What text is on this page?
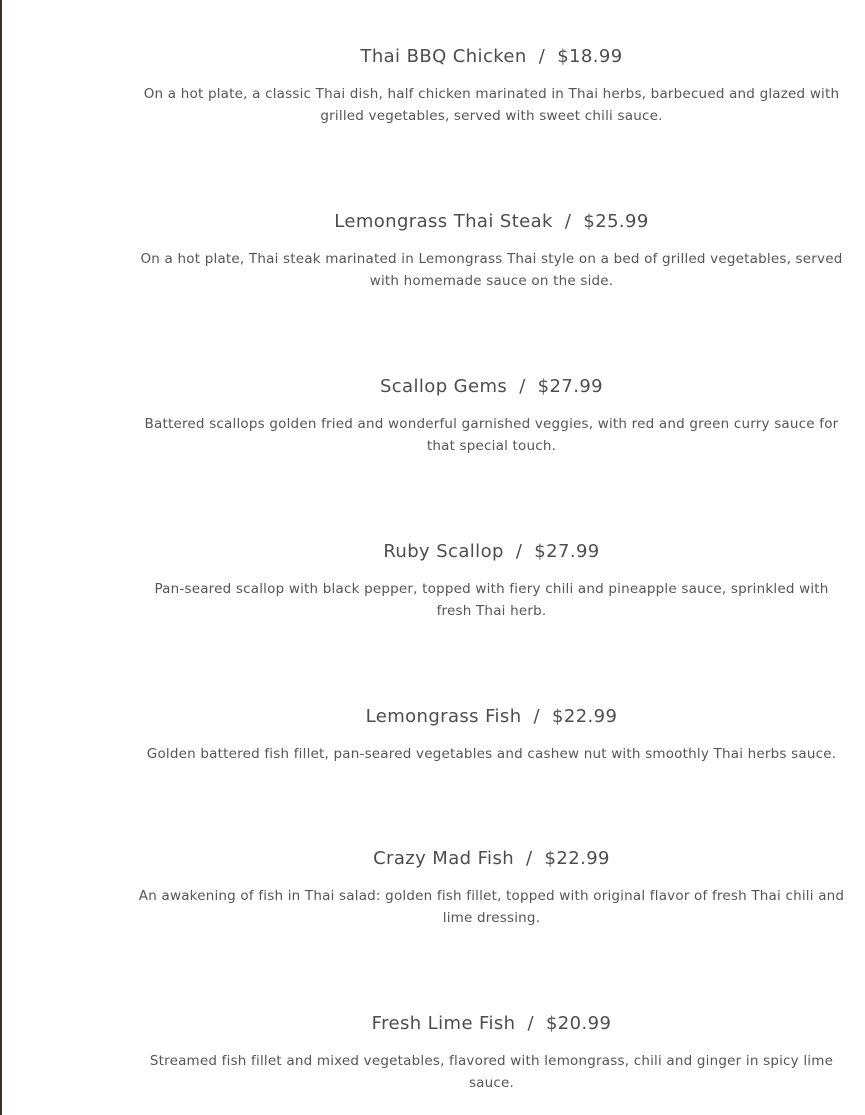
Thai BBQ Chicken / $18.99
On a hot plate, a classic Thai dish, half chicken marinated in Thai herbs, barbecued and glazed with grilled vegetables, served with sweet chili sauce.
Lemongrass Thai Steak / $25.99
On a hot plate, Thai steak marinated in Lemongrass Thai style on a bed of grilled vegetables, served with homemade sauce on the side.
Scallop Gems / $27.99
Battered scallops golden fried and wonderful garnished veggies, with red and green curry sauce for that special touch.
Ruby Scallop / $27.99
Pan-seared scallop with black pepper, topped with fiery chili and pineapple sauce, sprinkled with fresh Thai herb.
Lemongrass Fish / $22.99
Golden battered fish fillet, pan-seared vegetables and cashew nut with smoothly Thai herbs sauce.
Crazy Mad Fish / $22.99
An awakening of fish in Thai salad: golden fish fillet, topped with original flavor of fresh Thai chili and lime dressing.
Fresh Lime Fish / $20.99
Streamed fish fillet and mixed vegetables, flavored with lemongrass, chili and ginger in spicy lime sauce.
